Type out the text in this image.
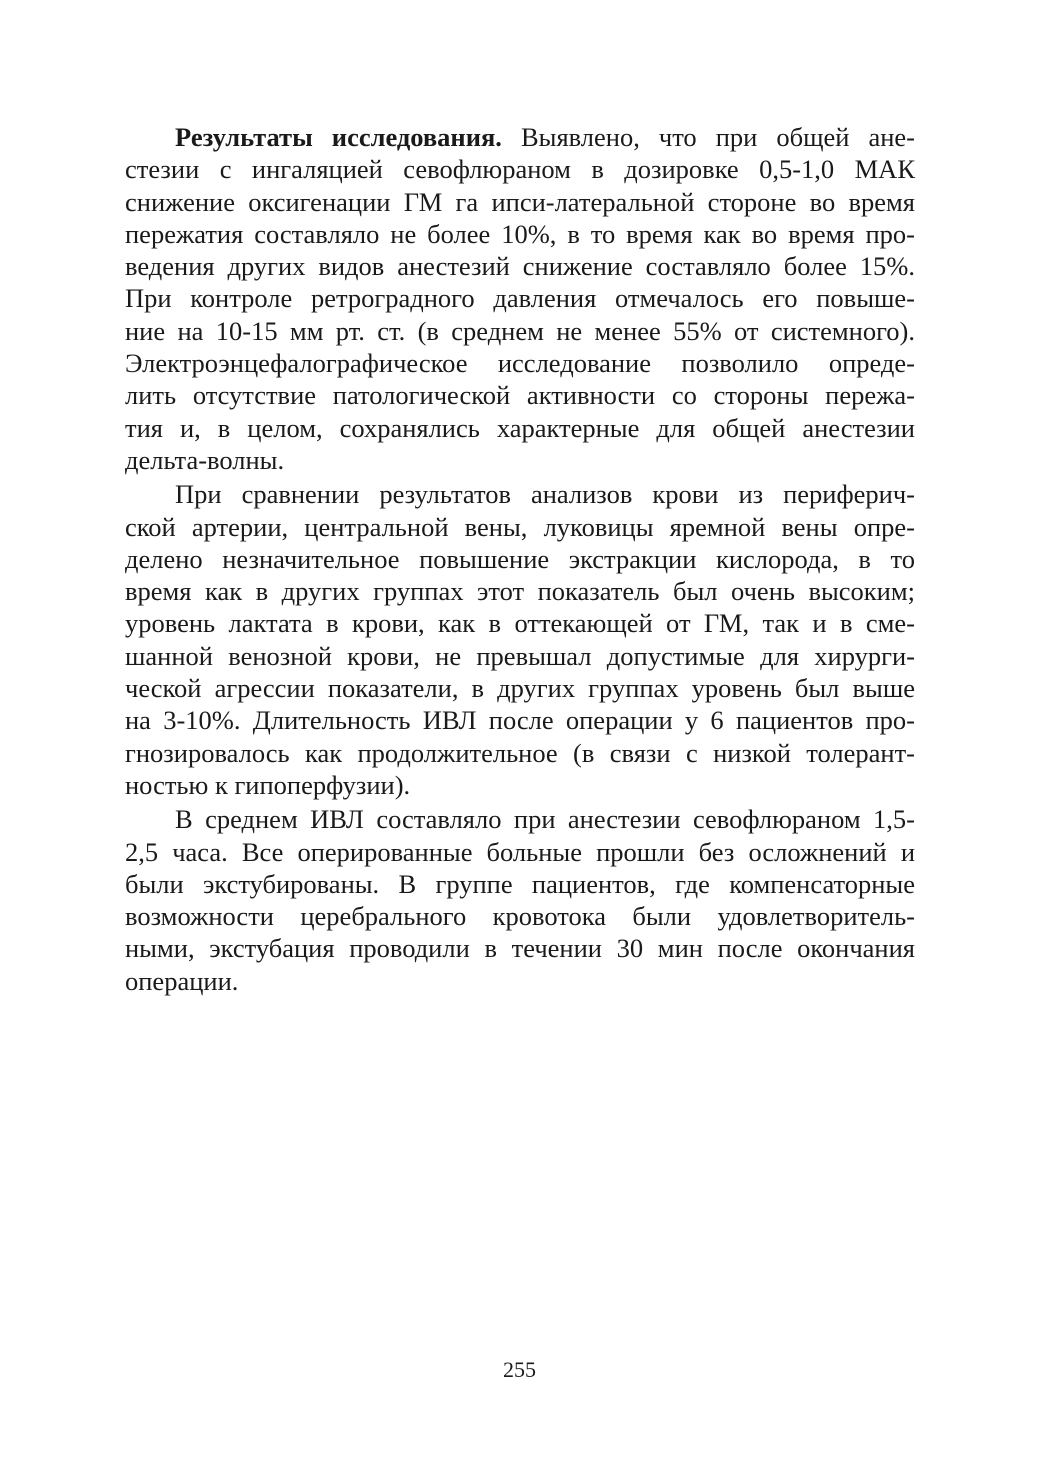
Результаты исследования. Выявлено, что при общей ане-
стезии с ингаляцией севофлюраном в дозировке 0,5-1,0 МАК
снижение оксигенации ГМ га ипси-латеральной стороне во время
пережатия составляло не более 10%, в то время как во время про-
ведения других видов анестезий снижение составляло более 15%.
При контроле ретроградного давления отмечалось его повыше-
ние на 10-15 мм рт. ст. (в среднем не менее 55% от системного).
Электроэнцефалографическое исследование позволило опреде-
лить отсутствие патологической активности со стороны пережа-
тия и, в целом, сохранялись характерные для общей анестезии
дельта-волны.
При сравнении результатов анализов крови из периферич-
ской артерии, центральной вены, луковицы яремной вены опре-
делено незначительное повышение экстракции кислорода, в то
время как в других группах этот показатель был очень высоким;
уровень лактата в крови, как в оттекающей от ГМ, так и в сме-
шанной венозной крови, не превышал допустимые для хирурги-
ческой агрессии показатели, в других группах уровень был выше
на 3-10%. Длительность ИВЛ после операции у 6 пациентов про-
гнозировалось как продолжительное (в связи с низкой толерант-
ностью к гипоперфузии).
В среднем ИВЛ составляло при анестезии севофлюраном 1,5-
2,5 часа. Все оперированные больные прошли без осложнений и
были экстубированы. В группе пациентов, где компенсаторные
возможности церебрального кровотока были удовлетворитель-
ными, экстубация проводили в течении 30 мин после окончания
операции.
255
